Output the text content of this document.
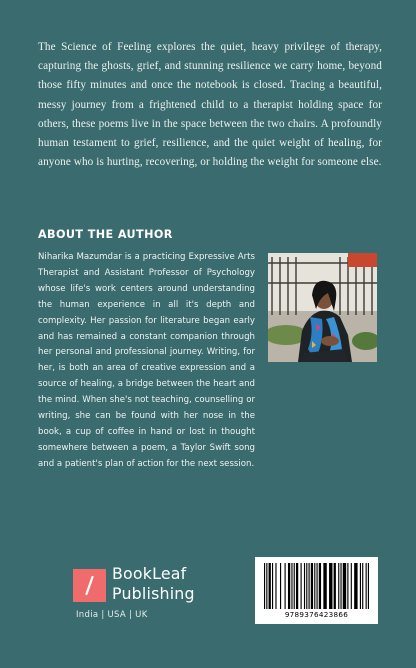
The Science of Feeling explores the quiet, heavy privilege of therapy, capturing the ghosts, grief, and stunning resilience we carry home, beyond those fifty minutes and once the notebook is closed. Tracing a beautiful, messy journey from a frightened child to a therapist holding space for others, these poems live in the space between the two chairs. A profoundly human testament to grief, resilience, and the quiet weight of healing, for anyone who is hurting, recovering, or holding the weight for someone else.

ABOUT THE AUTHOR

Niharika Mazumdar is a practicing Expressive Arts Therapist and Assistant Professor of Psychology whose life's work centers around understanding the human experience in all it's depth and complexity. Her passion for literature began early and has remained a constant companion through her personal and professional journey. Writing, for her, is both an area of creative expression and a source of healing, a bridge between the heart and the mind. When she's not teaching, counselling or writing, she can be found with her nose in the book, a cup of coffee in hand or lost in thought somewhere between a poem, a Taylor Swift song and a patient's plan of action for the next session.

BookLeaf

Publishing

India | USA | UK	9789376423866
